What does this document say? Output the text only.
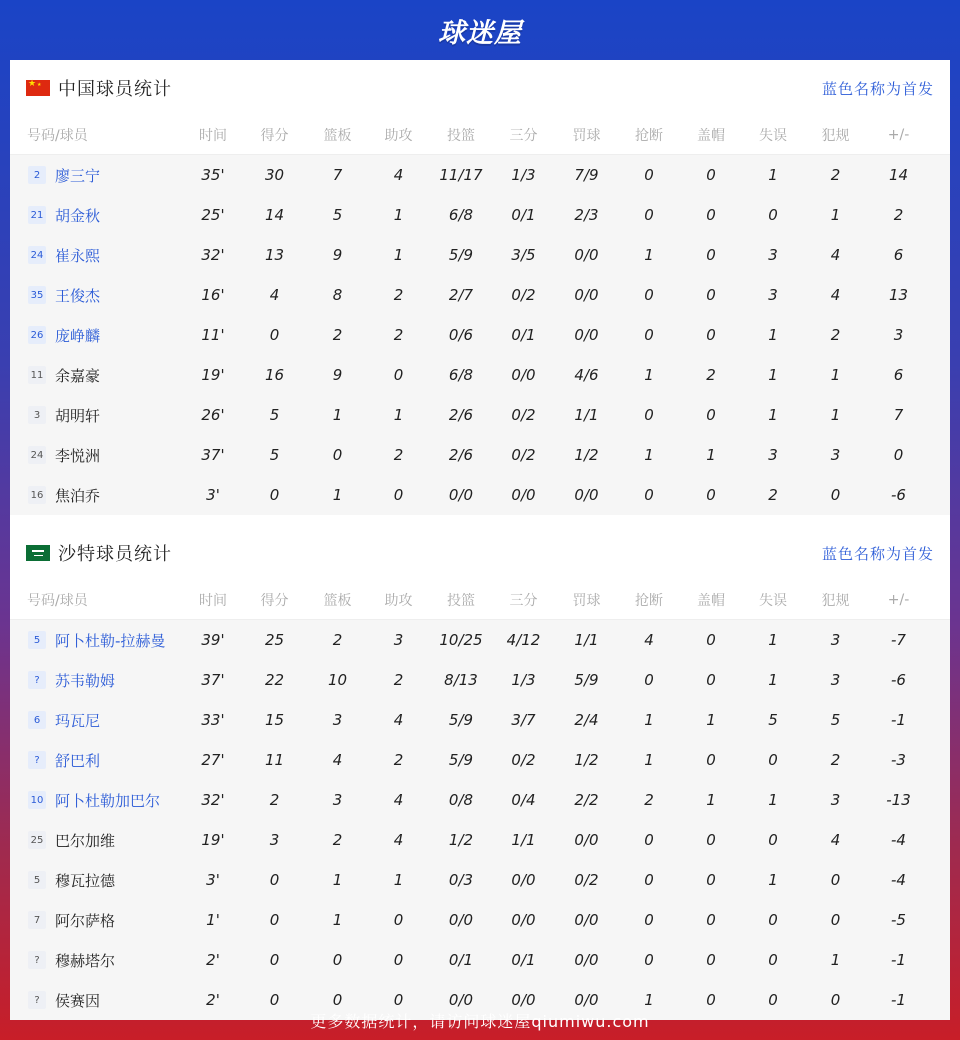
球迷屋
★ ★
中国球员统计	蓝色名称为首发
号码/球员	时间	得分	篮板	助攻	投篮	三分	罚球	抢断	盖帽	失误	犯规	+/-
2 廖三宁	35'	30	7	4	11/17	1/3	7/9	0	0	1	2	14
21 胡金秋	25'	14	5	1	6/8	0/1	2/3	0	0	0	1	2
24 崔永熙	32'	13	9	1	5/9	3/5	0/0	1	0	3	4	6
35 王俊杰	16'	4	8	2	2/7	0/2	0/0	0	0	3	4	13
26 庞峥麟	11'	0	2	2	0/6	0/1	0/0	0	0	1	2	3
11 余嘉豪	19'	16	9	0	6/8	0/0	4/6	1	2	1	1	6
3 胡明轩	26'	5	1	1	2/6	0/2	1/1	0	0	1	1	7
24 李悦洲	37'	5	0	2	2/6	0/2	1/2	1	1	3	3	0
16 焦泊乔	3'	0	1	0	0/0	0/0	0/0	0	0	2	0	-6
沙特球员统计	蓝色名称为首发
号码/球员	时间	得分	篮板	助攻	投篮	三分	罚球	抢断	盖帽	失误	犯规	+/-
5 阿卜杜勒-拉赫曼	39'	25	2	3	10/25	4/12	1/1	4	0	1	3	-7
?	苏韦勒姆	37'	22	10	2	8/13	1/3	5/9	0	0	1	3	-6
6 玛瓦尼	33'	15	3	4	5/9	3/7	2/4	1	1	5	5	-1
?	舒巴利	27'	11	4	2	5/9	0/2	1/2	1	0	0	2	-3
10 阿卜杜勒加巴尔	32'	2	3	4	0/8	0/4	2/2	2	1	1	3	-13
25 巴尔加维	19'	3	2	4	1/2	1/1	0/0	0	0	0	4	-4
5 穆瓦拉德	3'	0	1	1	0/3	0/0	0/2	0	0	1	0	-4
7 阿尔萨格	1'	0	1	0	0/0	0/0	0/0	0	0	0	0	-5
?	穆赫塔尔	2'	0	0	0	0/1	0/1	0/0	0	0	0	1	-1
?	侯赛因	2'	0	0	0	0/0	0/0	0/0	1	0	0	0	-1
更多数据统计，请访问球迷屋qiumiwu.com
